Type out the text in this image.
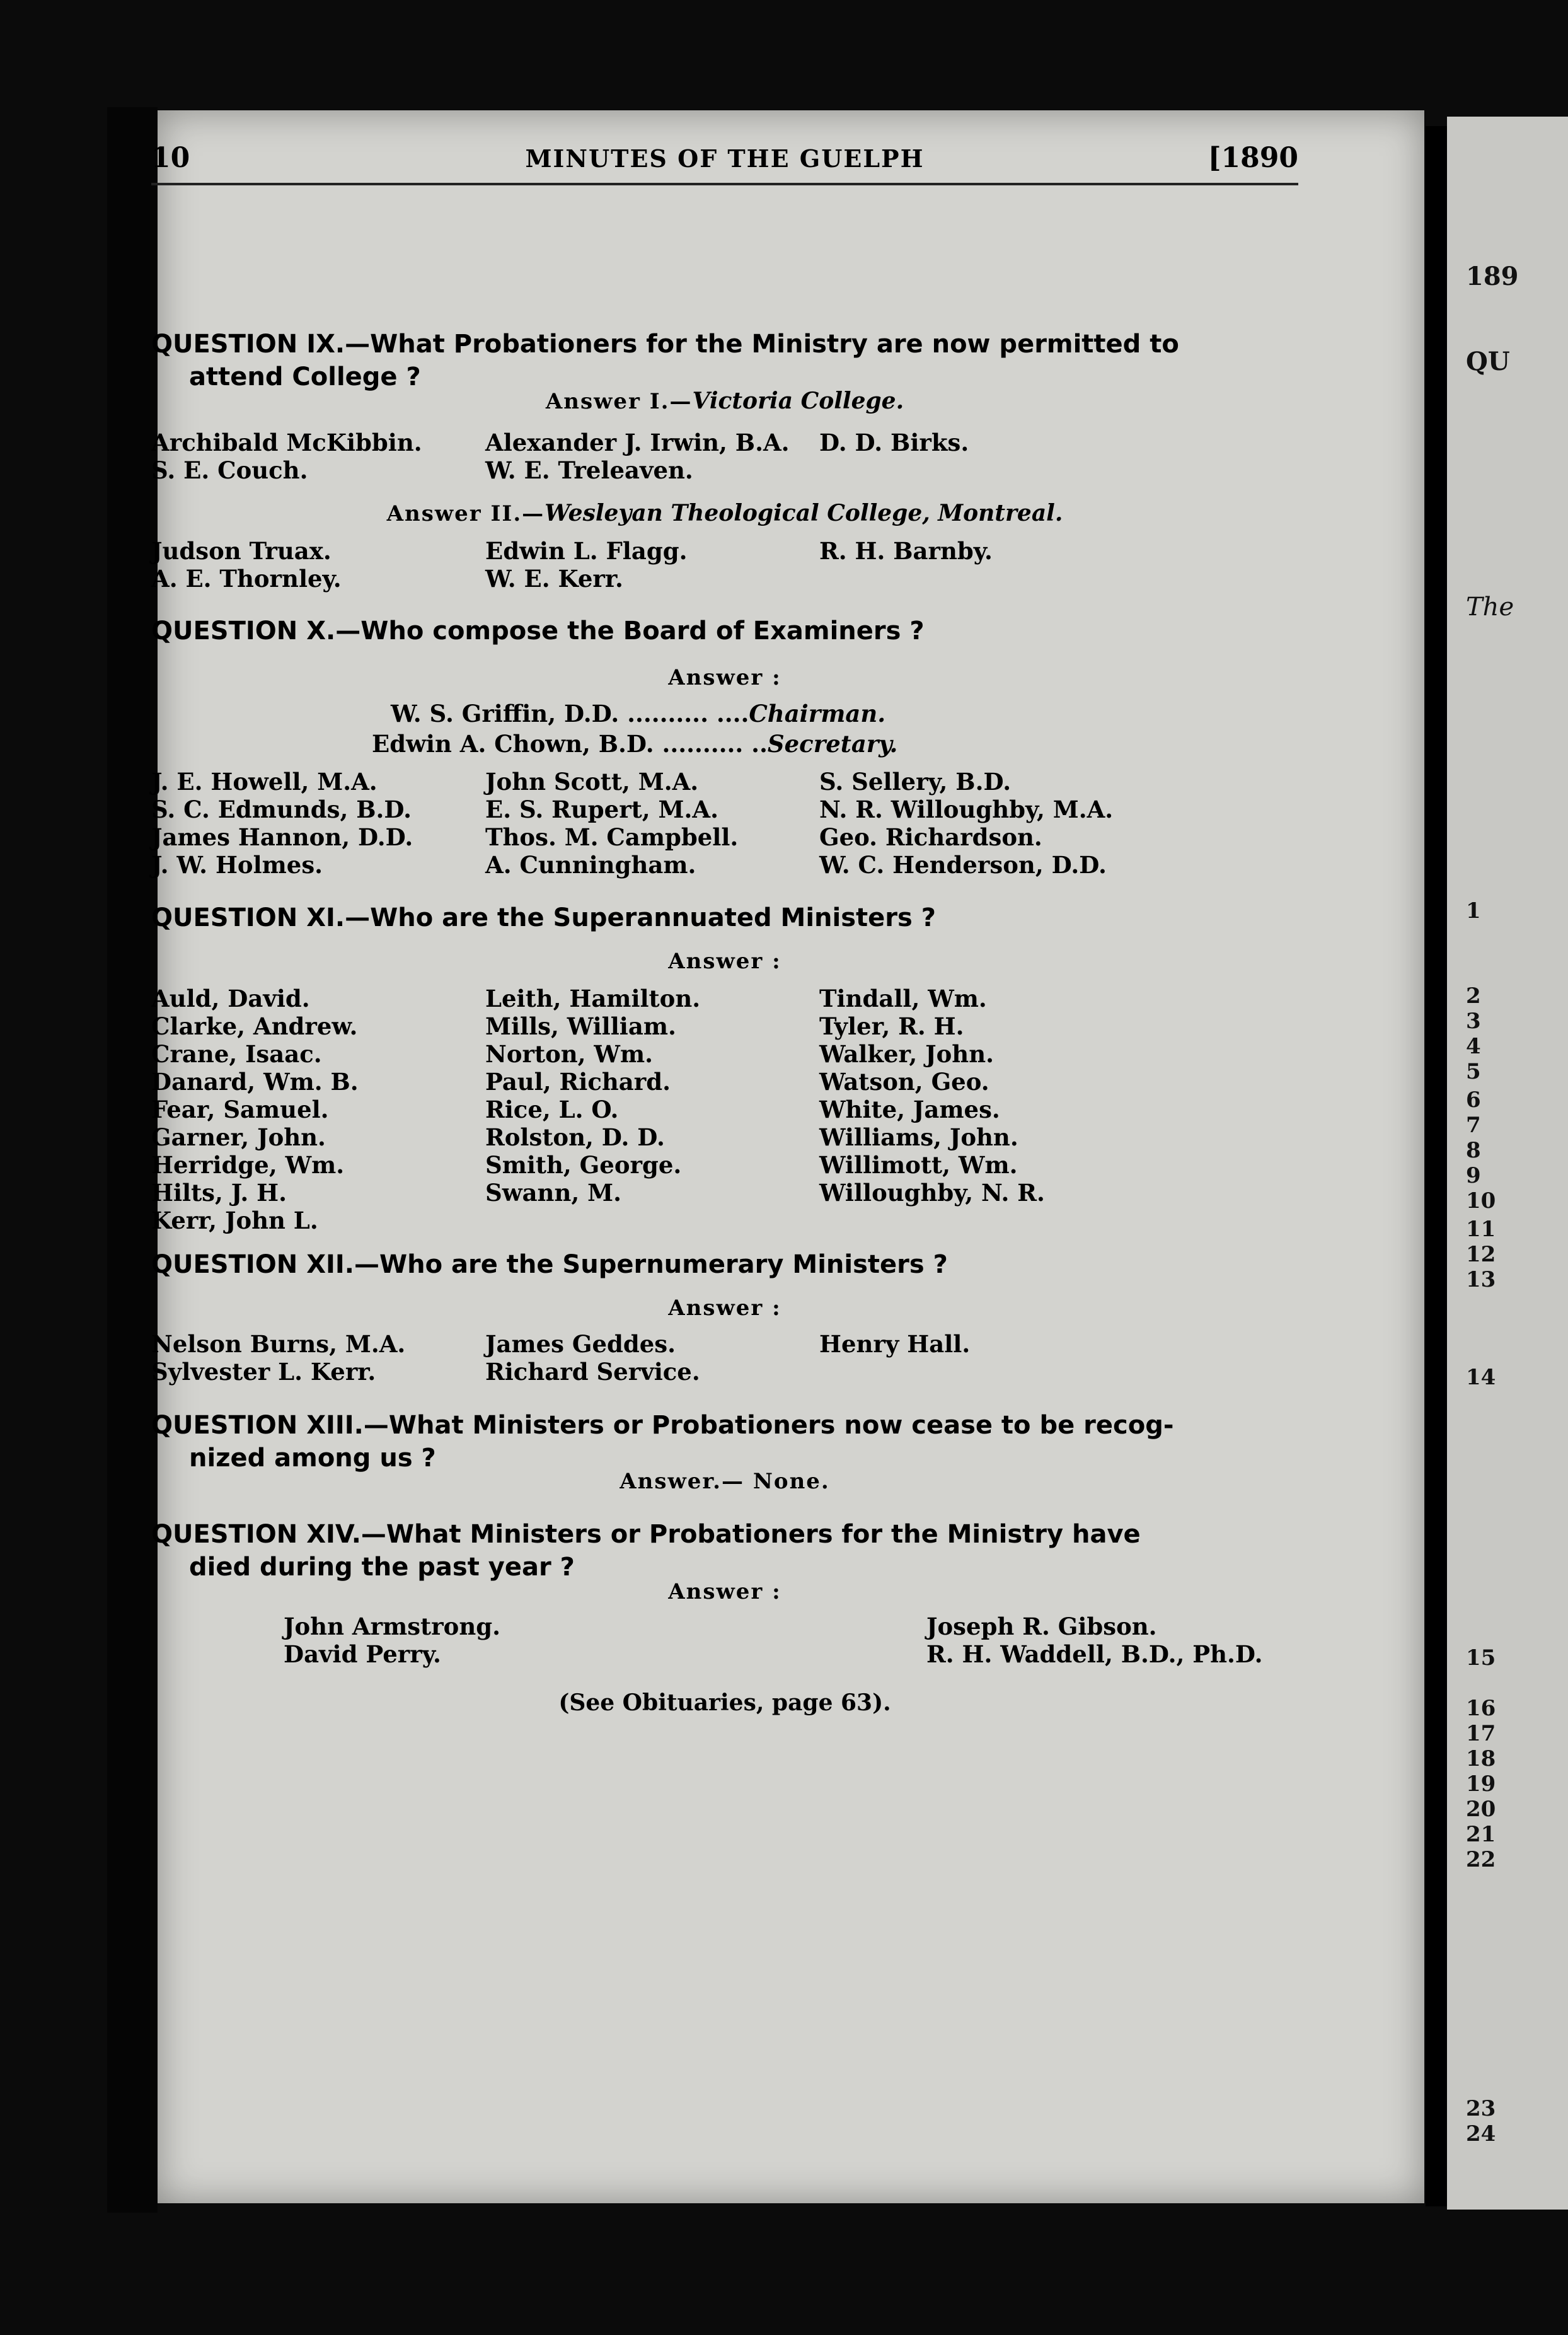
189
QU
The
1
2
3
4
5
6
7
8
9
10
11
12
13
14
15
16
17
18
19
20
21
22
23
24
10	MINUTES OF THE GUELPH	[1890
QUESTION IX.—What Probationers for the Ministry are now permitted to
attend College ?
Answer I.—Victoria College.
Archibald McKibbin.	Alexander J. Irwin, B.A. D. D. Birks.
S. E. Couch.	W. E. Treleaven.
Answer II.—Wesleyan Theological College, Montreal.
Judson Truax.	Edwin L. Flagg.	R. H. Barnby.
A. E. Thornley.	W. E. Kerr.
QUESTION X.—Who compose the Board of Examiners ?
Answer :
W. S. Griffin, D.D. .......... ....Chairman.
Edwin A. Chown, B.D. .......... ..Secretary.
J. E. Howell, M.A.	John Scott, M.A.	S. Sellery, B.D.
S. C. Edmunds, B.D.	E. S. Rupert, M.A.	N. R. Willoughby, M.A.
James Hannon, D.D.	Thos. M. Campbell.	Geo. Richardson.
J. W. Holmes.	A. Cunningham.	W. C. Henderson, D.D.
QUESTION XI.—Who are the Superannuated Ministers ?
Answer :
Auld, David.	Leith, Hamilton.	Tindall, Wm.
Clarke, Andrew.	Mills, William.	Tyler, R. H.
Crane, Isaac.	Norton, Wm.	Walker, John.
Danard, Wm. B.	Paul, Richard.	Watson, Geo.
Fear, Samuel.	Rice, L. O.	White, James.
Garner, John.	Rolston, D. D.	Williams, John.
Herridge, Wm.	Smith, George.	Willimott, Wm.
Hilts, J. H.	Swann, M.	Willoughby, N. R.
Kerr, John L.
QUESTION XII.—Who are the Supernumerary Ministers ?
Answer :
Nelson Burns, M.A.	James Geddes.	Henry Hall.
Sylvester L. Kerr.	Richard Service.
QUESTION XIII.—What Ministers or Probationers now cease to be recog-
nized among us ?
Answer.— None.
QUESTION XIV.—What Ministers or Probationers for the Ministry have
died during the past year ?
Answer :
John Armstrong.	Joseph R. Gibson.
David Perry.	R. H. Waddell, B.D., Ph.D.
(See Obituaries, page 63).
